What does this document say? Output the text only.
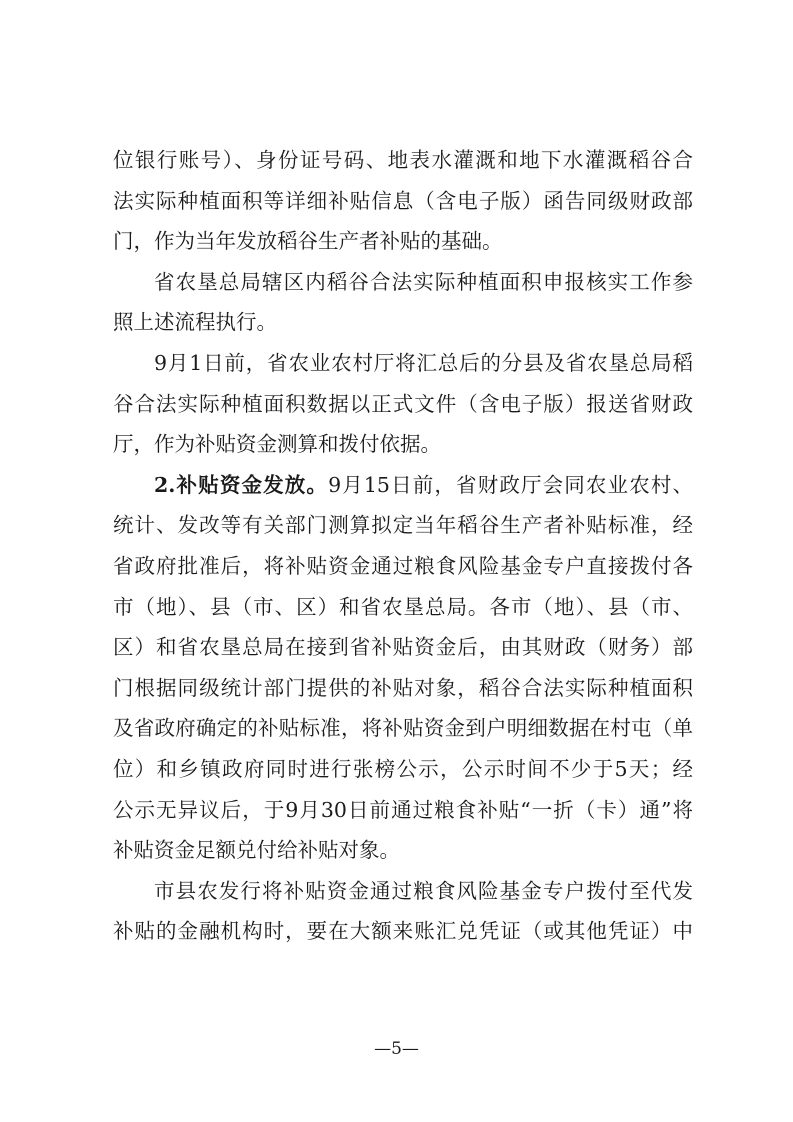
位银行账号）、身份证号码、地表水灌溉和地下水灌溉稻谷合
法实际种植面积等详细补贴信息（含电子版）函告同级财政部
门，作为当年发放稻谷生产者补贴的基础。
省农垦总局辖区内稻谷合法实际种植面积申报核实工作参
照上述流程执行。
9月1日前，省农业农村厅将汇总后的分县及省农垦总局稻
谷合法实际种植面积数据以正式文件（含电子版）报送省财政
厅，作为补贴资金测算和拨付依据。
2.补贴资金发放。9月15日前，省财政厅会同农业农村、
统计、发改等有关部门测算拟定当年稻谷生产者补贴标准，经
省政府批准后，将补贴资金通过粮食风险基金专户直接拨付各
市（地）、县（市、区）和省农垦总局。各市（地）、县（市、
区）和省农垦总局在接到省补贴资金后，由其财政（财务）部
门根据同级统计部门提供的补贴对象，稻谷合法实际种植面积
及省政府确定的补贴标准，将补贴资金到户明细数据在村屯（单
位）和乡镇政府同时进行张榜公示，公示时间不少于5天；经
公示无异议后，于9月30日前通过粮食补贴“一折（卡）通”将
补贴资金足额兑付给补贴对象。
市县农发行将补贴资金通过粮食风险基金专户拨付至代发
补贴的金融机构时，要在大额来账汇兑凭证（或其他凭证）中
—5—
